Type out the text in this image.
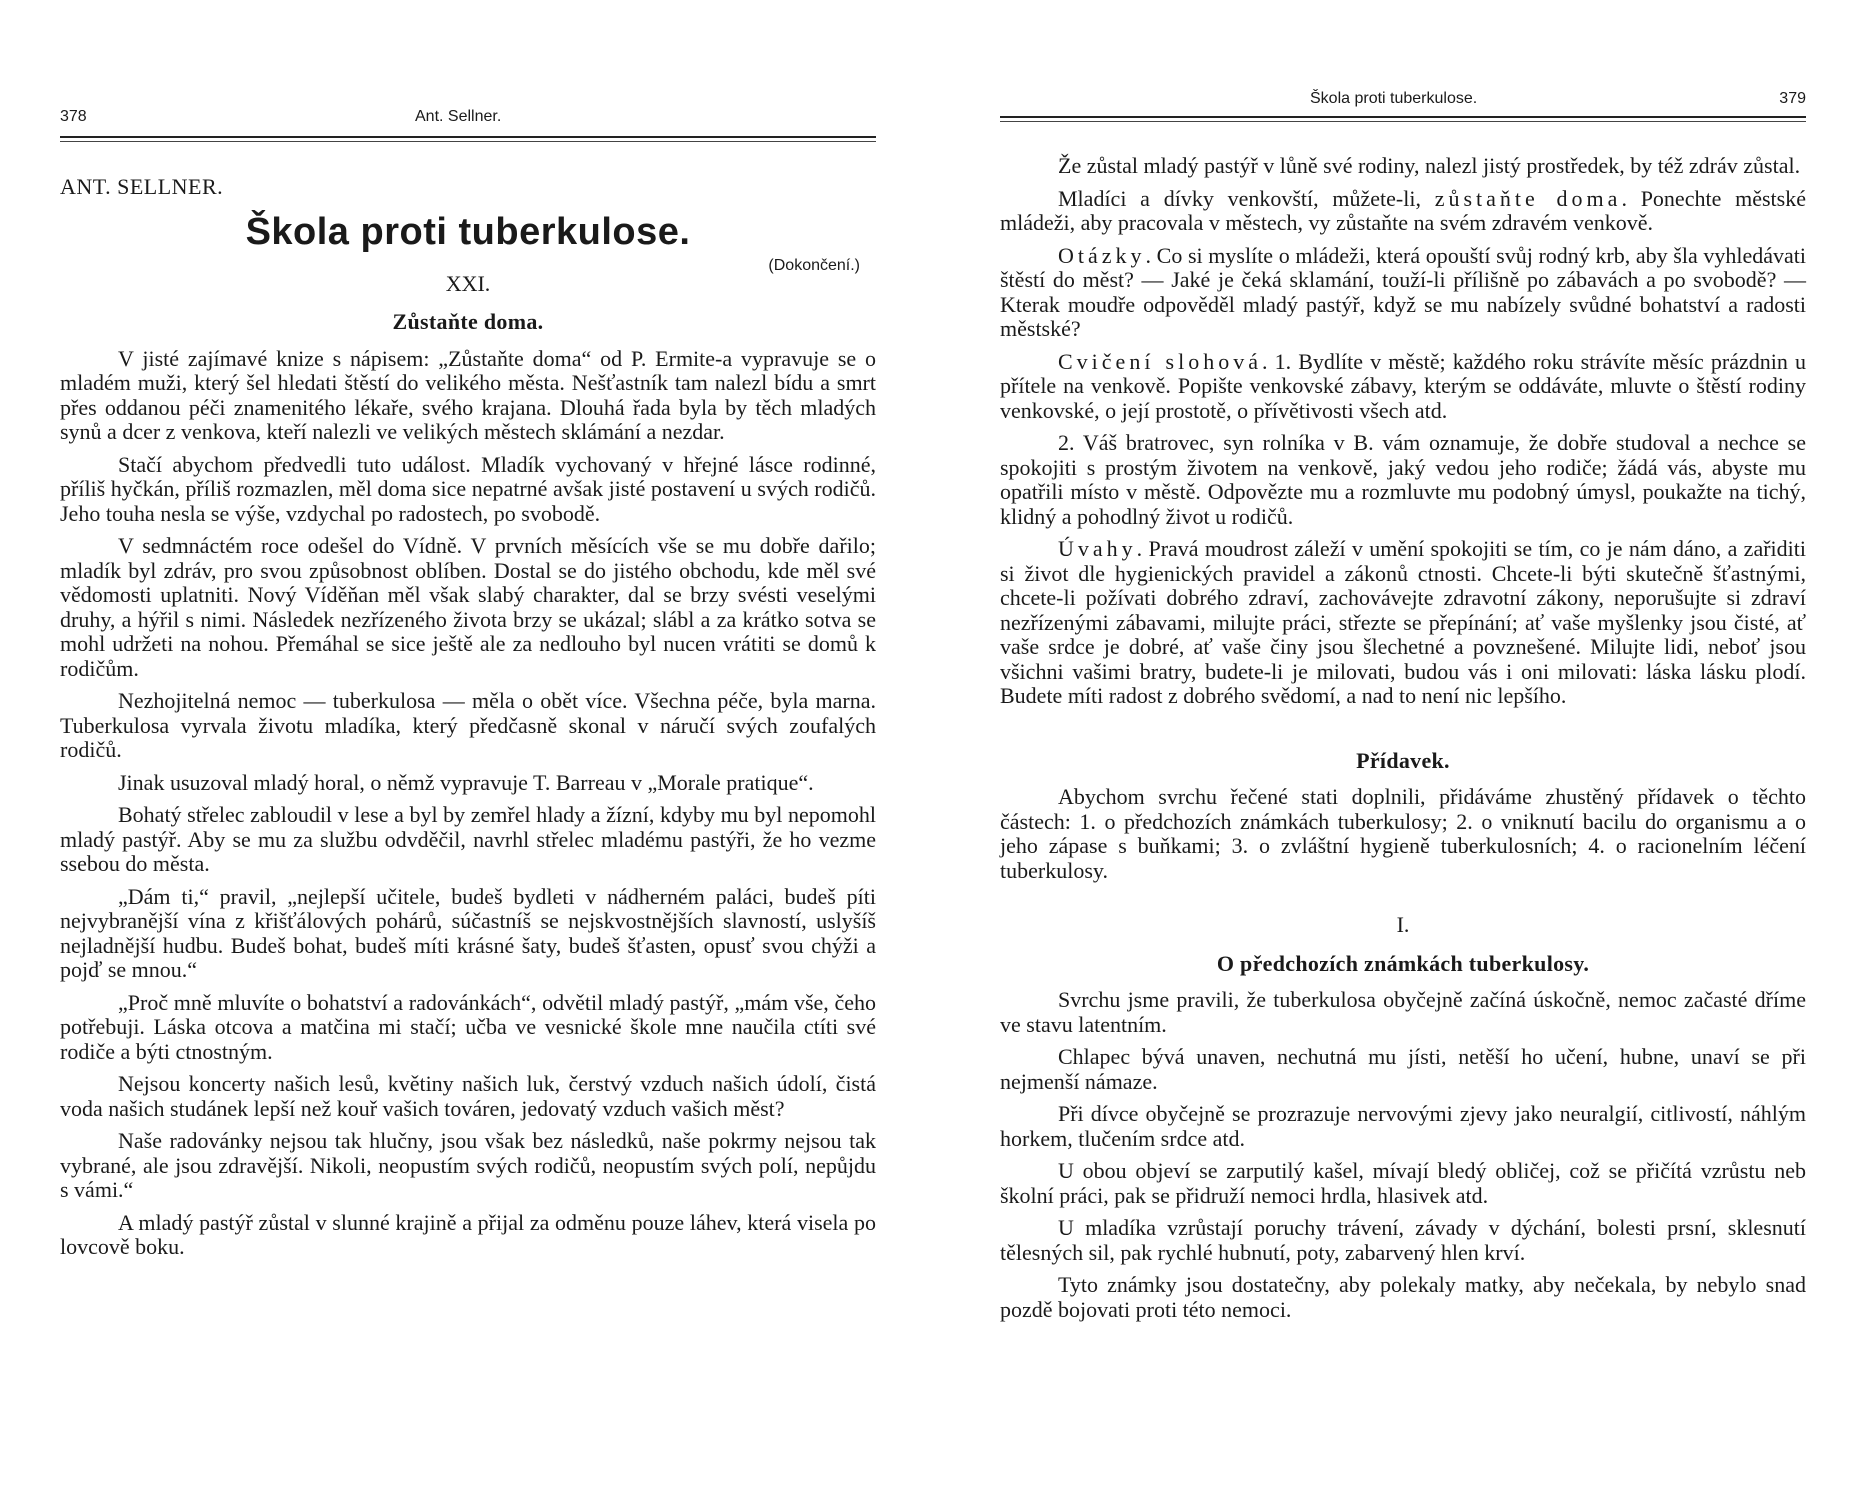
378	Ant. Sellner.
ANT. SELLNER.
Škola proti tuberkulose.
(Dokončení.)
XXI.
Zůstaňte doma.

V jisté zajímavé knize s nápisem: „Zůstaňte doma“ od P. Ermite-a vypravuje se o mladém muži, který šel hledati štěstí do velikého města. Nešťastník tam nalezl bídu a smrt přes oddanou péči znamenitého lékaře, svého krajana. Dlouhá řada byla by těch mladých synů a dcer z venkova, kteří nalezli ve velikých městech sklámání a nezdar.

Stačí abychom předvedli tuto událost. Mladík vychovaný v hřejné lásce rodinné, příliš hyčkán, příliš rozmazlen, měl doma sice nepatrné avšak jisté postavení u svých rodičů. Jeho touha nesla se výše, vzdychal po radostech, po svobodě.

V sedmnáctém roce odešel do Vídně. V prvních měsících vše se mu dobře dařilo; mladík byl zdráv, pro svou způsobnost oblíben. Dostal se do jistého obchodu, kde měl své vědomosti uplatniti. Nový Víděňan měl však slabý charakter, dal se brzy svésti veselými druhy, a hýřil s nimi. Následek nezřízeného života brzy se ukázal; slábl a za krátko sotva se mohl udržeti na nohou. Přemáhal se sice ještě ale za nedlouho byl nucen vrátiti se domů k rodičům.

Nezhojitelná nemoc — tuberkulosa — měla o obět více. Všechna péče, byla marna. Tuberkulosa vyrvala životu mladíka, který předčasně skonal v náručí svých zoufalých rodičů.

Jinak usuzoval mladý horal, o němž vypravuje T. Barreau v „Morale pratique“.

Bohatý střelec zabloudil v lese a byl by zemřel hlady a žízní, kdyby mu byl nepomohl mladý pastýř. Aby se mu za službu odvděčil, navrhl střelec mladému pastýři, že ho vezme ssebou do města.

„Dám ti,“ pravil, „nejlepší učitele, budeš bydleti v nádherném paláci, budeš píti nejvybranější vína z křišťálových pohárů, súčastníš se nejskvostnějších slavností, uslyšíš nejladnější hudbu. Budeš bohat, budeš míti krásné šaty, budeš šťasten, opusť svou chýži a pojď se mnou.“

„Proč mně mluvíte o bohatství a radovánkách“, odvětil mladý pastýř, „mám vše, čeho potřebuji. Láska otcova a matčina mi stačí; učba ve vesnické škole mne naučila ctíti své rodiče a býti ctnostným.

Nejsou koncerty našich lesů, květiny našich luk, čerstvý vzduch našich údolí, čistá voda našich studánek lepší než kouř vašich továren, jedovatý vzduch vašich měst?

Naše radovánky nejsou tak hlučny, jsou však bez následků, naše pokrmy nejsou tak vybrané, ale jsou zdravější. Nikoli, neopustím svých rodičů, neopustím svých polí, nepůjdu s vámi.“

A mladý pastýř zůstal v slunné krajině a přijal za odměnu pouze láhev, která visela po lovcově boku.

Škola proti tuberkulose.	379

Že zůstal mladý pastýř v lůně své rodiny, nalezl jistý prostředek, by též zdráv zůstal.

Mladíci a dívky venkovští, můžete-li, zůstaňte doma. Ponechte městské mládeži, aby pracovala v městech, vy zůstaňte na svém zdravém venkově.

Otázky. Co si myslíte o mládeži, která opouští svůj rodný krb, aby šla vyhledávati štěstí do měst? — Jaké je čeká sklamání, touží-li přílišně po zábavách a po svobodě? — Kterak moudře odpověděl mladý pastýř, když se mu nabízely svůdné bohatství a radosti městské?

Cvičení slohová. 1. Bydlíte v městě; každého roku strávíte měsíc prázdnin u přítele na venkově. Popište venkovské zábavy, kterým se oddáváte, mluvte o štěstí rodiny venkovské, o její prostotě, o přívětivosti všech atd.

2. Váš bratrovec, syn rolníka v B. vám oznamuje, že dobře studoval a nechce se spokojiti s prostým životem na venkově, jaký vedou jeho rodiče; žádá vás, abyste mu opatřili místo v městě. Odpovězte mu a rozmluvte mu podobný úmysl, poukažte na tichý, klidný a pohodlný život u rodičů.

Úvahy. Pravá moudrost záleží v umění spokojiti se tím, co je nám dáno, a zařiditi si život dle hygienických pravidel a zákonů ctnosti. Chcete-li býti skutečně šťastnými, chcete-li požívati dobrého zdraví, zachovávejte zdravotní zákony, neporušujte si zdraví nezřízenými zábavami, milujte práci, střezte se přepínání; ať vaše myšlenky jsou čisté, ať vaše srdce je dobré, ať vaše činy jsou šlechetné a povznešené. Milujte lidi, neboť jsou všichni vašimi bratry, budete-li je milovati, budou vás i oni milovati: láska lásku plodí. Budete míti radost z dobrého svědomí, a nad to není nic lepšího.

Přídavek.

Abychom svrchu řečené stati doplnili, přidáváme zhustěný přídavek o těchto částech: 1. o předchozích známkách tuberkulosy; 2. o vniknutí bacilu do organismu a o jeho zápase s buňkami; 3. o zvláštní hygieně tuberkulosních; 4. o racionelním léčení tuberkulosy.

I.
O předchozích známkách tuberkulosy.

Svrchu jsme pravili, že tuberkulosa obyčejně začíná úskočně, nemoc začasté dříme ve stavu latentním.

Chlapec bývá unaven, nechutná mu jísti, netěší ho učení, hubne, unaví se při nejmenší námaze.

Při dívce obyčejně se prozrazuje nervovými zjevy jako neuralgií, citlivostí, náhlým horkem, tlučením srdce atd.

U obou objeví se zarputilý kašel, mívají bledý obličej, což se přičítá vzrůstu neb školní práci, pak se přidruží nemoci hrdla, hlasivek atd.

U mladíka vzrůstají poruchy trávení, závady v dýchání, bolesti prsní, sklesnutí tělesných sil, pak rychlé hubnutí, poty, zabarvený hlen krví.

Tyto známky jsou dostatečny, aby polekaly matky, aby nečekala, by nebylo snad pozdě bojovati proti této nemoci.
